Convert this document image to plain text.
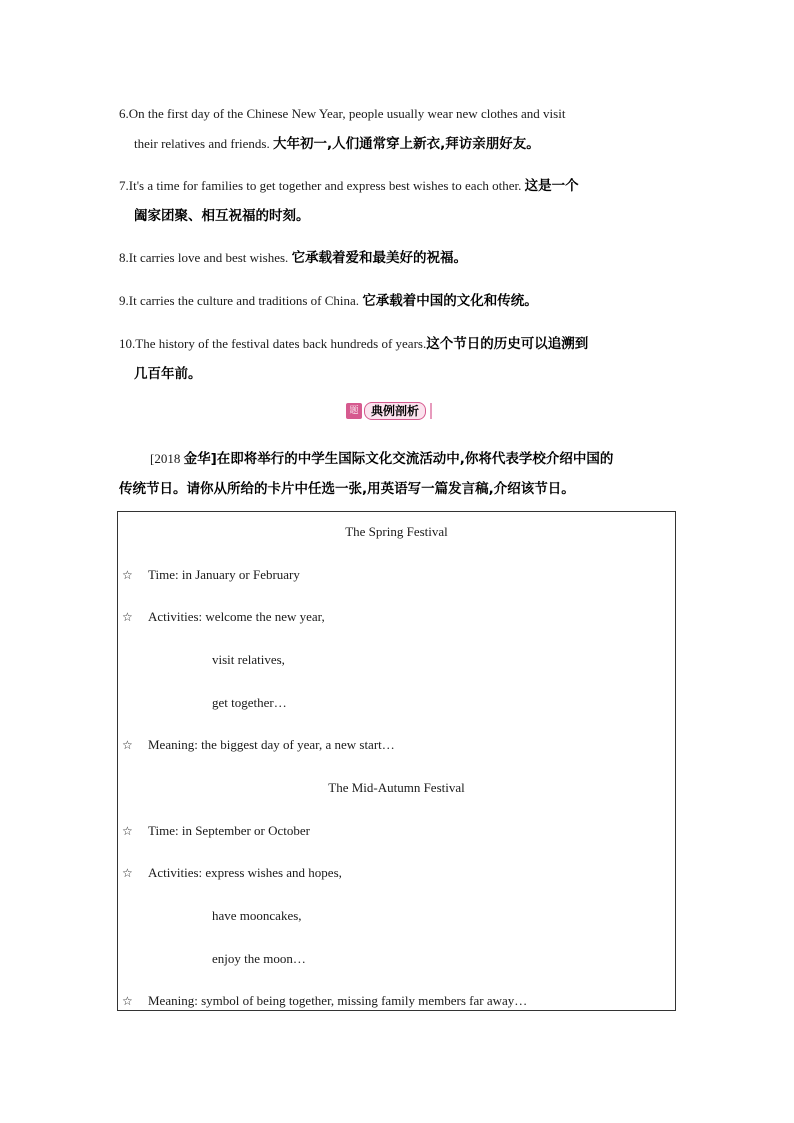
6.On the first day of the Chinese New Year, people usually wear new clothes and visit
their relatives and friends. 大年初一,人们通常穿上新衣,拜访亲朋好友。
7.It's a time for families to get together and express best wishes to each other. 这是一个
阖家团聚、相互祝福的时刻。
8.It carries love and best wishes. 它承载着爱和最美好的祝福。
9.It carries the culture and traditions of China. 它承载着中国的文化和传统。
10.The history of the festival dates back hundreds of years.这个节日的历史可以追溯到
几百年前。
题	典例剖析
[2018 金华]在即将举行的中学生国际文化交流活动中,你将代表学校介绍中国的
传统节日。请你从所给的卡片中任选一张,用英语写一篇发言稿,介绍该节日。
The Spring Festival
☆ Time: in January or February
☆ Activities: welcome the new year,
visit relatives,
get together…
☆ Meaning: the biggest day of year, a new start…
The Mid-Autumn Festival
☆ Time: in September or October
☆ Activities: express wishes and hopes,
have mooncakes,
enjoy the moon…
☆ Meaning: symbol of being together, missing family members far away…
